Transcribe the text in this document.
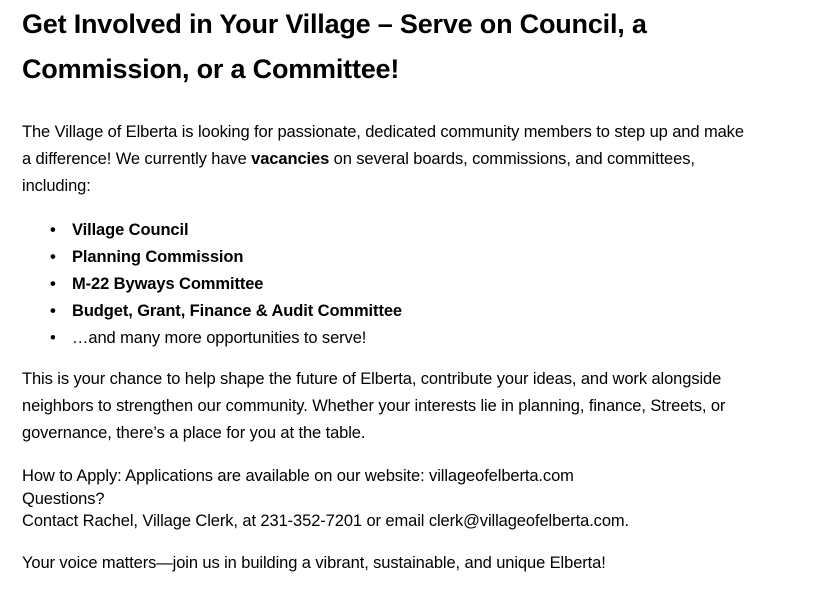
Get Involved in Your Village – Serve on Council, a
Commission, or a Committee!
The Village of Elberta is looking for passionate, dedicated community members to step up and make
a difference! We currently have vacancies on several boards, commissions, and committees,
including:
• Village Council
• Planning Commission
• M-22 Byways Committee
• Budget, Grant, Finance & Audit Committee
• …and many more opportunities to serve!
This is your chance to help shape the future of Elberta, contribute your ideas, and work alongside
neighbors to strengthen our community. Whether your interests lie in planning, finance, Streets, or
governance, there’s a place for you at the table.
How to Apply: Applications are available on our website: villageofelberta.com
Questions?
Contact Rachel, Village Clerk, at 231-352-7201 or email clerk@villageofelberta.com.
Your voice matters—join us in building a vibrant, sustainable, and unique Elberta!
